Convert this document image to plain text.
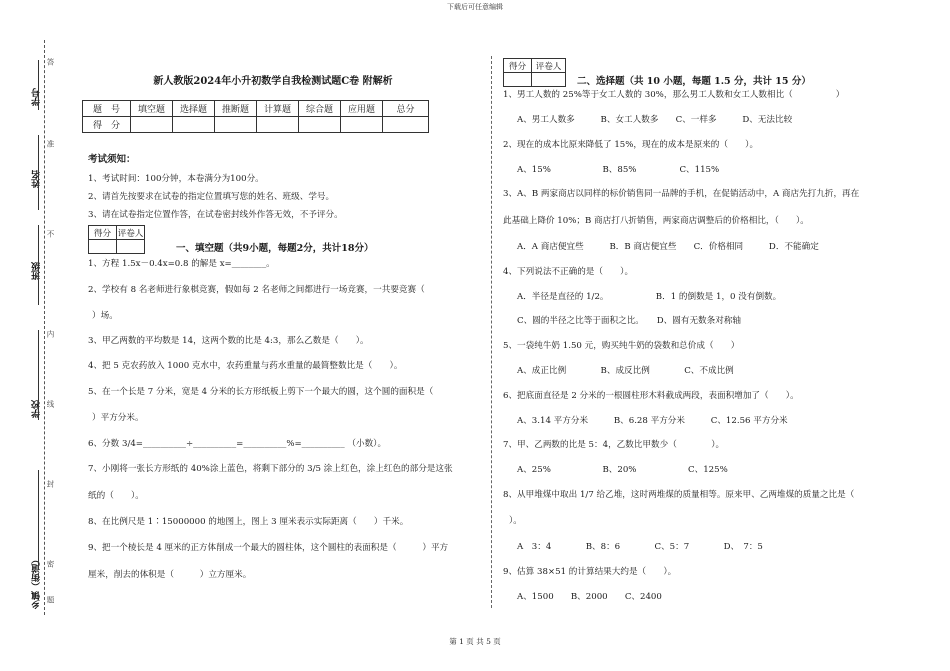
下载后可任意编辑
学号
姓名
班级
学校
乡镇（街道）
答
准
不
内
线
封
密
题
新人教版2024年小升初数学自我检测试题C卷 附解析
题　号	填空题	选择题	推断题	计算题	综合题	应用题	总分
得　分							
考试须知：
1、考试时间：100分钟，本卷满分为100分。
2、请首先按要求在试卷的指定位置填写您的姓名、班级、学号。
3、请在试卷指定位置作答，在试卷密封线外作答无效，不予评分。
得分	评卷人

一、填空题（共9小题，每题2分，共计18分）
1、方程 1.5x－0.4x=0.8 的解是 x=________。
2、学校有 8 名老师进行象棋竞赛，假如每 2 名老师之间都进行一场竞赛，一共要竞赛（
）场。
3、甲乙两数的平均数是 14，这两个数的比是 4:3，那么乙数是（　　）。
4、把 5 克农药放入 1000 克水中，农药重量与药水重量的最简整数比是（　　）。
5、在一个长是 7 分米，宽是 4 分米的长方形纸板上剪下一个最大的圆，这个圆的面积是（
）平方分米。
6、分数 3/4=__________÷__________=__________%=__________ （小数）。
7、小刚将一张长方形纸的 40%涂上蓝色，将剩下部分的 3/5 涂上红色，涂上红色的部分是这张
纸的（　　）。
8、在比例尺是 1∶15000000 的地图上，图上 3 厘米表示实际距离（　　）千米。
9、把一个棱长是 4 厘米的正方体削成一个最大的圆柱体，这个圆柱的表面积是（　　　）平方
厘米，削去的体积是（　　　）立方厘米。
得分	评卷人

二、选择题（共 10 小题，每题 1.5 分，共计 15 分）
1、男工人数的 25%等于女工人数的 30%，那么男工人数和女工人数相比（　　　　　）
A、男工人数多　　　B、女工人数多　　C、一样多　　　D、无法比较
2、现在的成本比原来降低了 15%，现在的成本是原来的（　　）。
A、15%　　　　　　B、85%　　　　　C、115%
3、A、B 两家商店以同样的标价销售同一品牌的手机，在促销活动中，A 商店先打九折，再在
此基础上降价 10%；B 商店打八折销售，两家商店调整后的价格相比，（　　）。
A．A 商店便宜些　　　B．B 商店便宜些　　C．价格相同　　　D．不能确定
4、下列说法不正确的是（　　）。
A．半径是直径的 1/2。　　　　　　B．1 的倒数是 1，0 没有倒数。
C、圆的半径之比等于面积之比。　　D、圆有无数条对称轴
5、一袋纯牛奶 1.50 元，购买纯牛奶的袋数和总价成（　　）
A、成正比例　　　　B、成反比例　　　　C、不成比例
6、把底面直径是 2 分米的一根圆柱形木料截成两段，表面积增加了（　　）。
A、3.14 平方分米　　　B、6.28 平方分米　　　C、12.56 平方分米
7、甲、乙两数的比是 5：4，乙数比甲数少（　　　　）。
A、25%　　　　　　B、20%　　　　　　C、125%
8、从甲堆煤中取出 1/7 给乙堆，这时两堆煤的质量相等。原来甲、乙两堆煤的质量之比是（
）。
A　3：4　　　　B、8：6　　　　C、5：7　　　　D、　7：5
9、估算 38×51 的计算结果大约是（　　）。
A、1500　　B、2000　　C、2400
第 1 页 共 5 页
